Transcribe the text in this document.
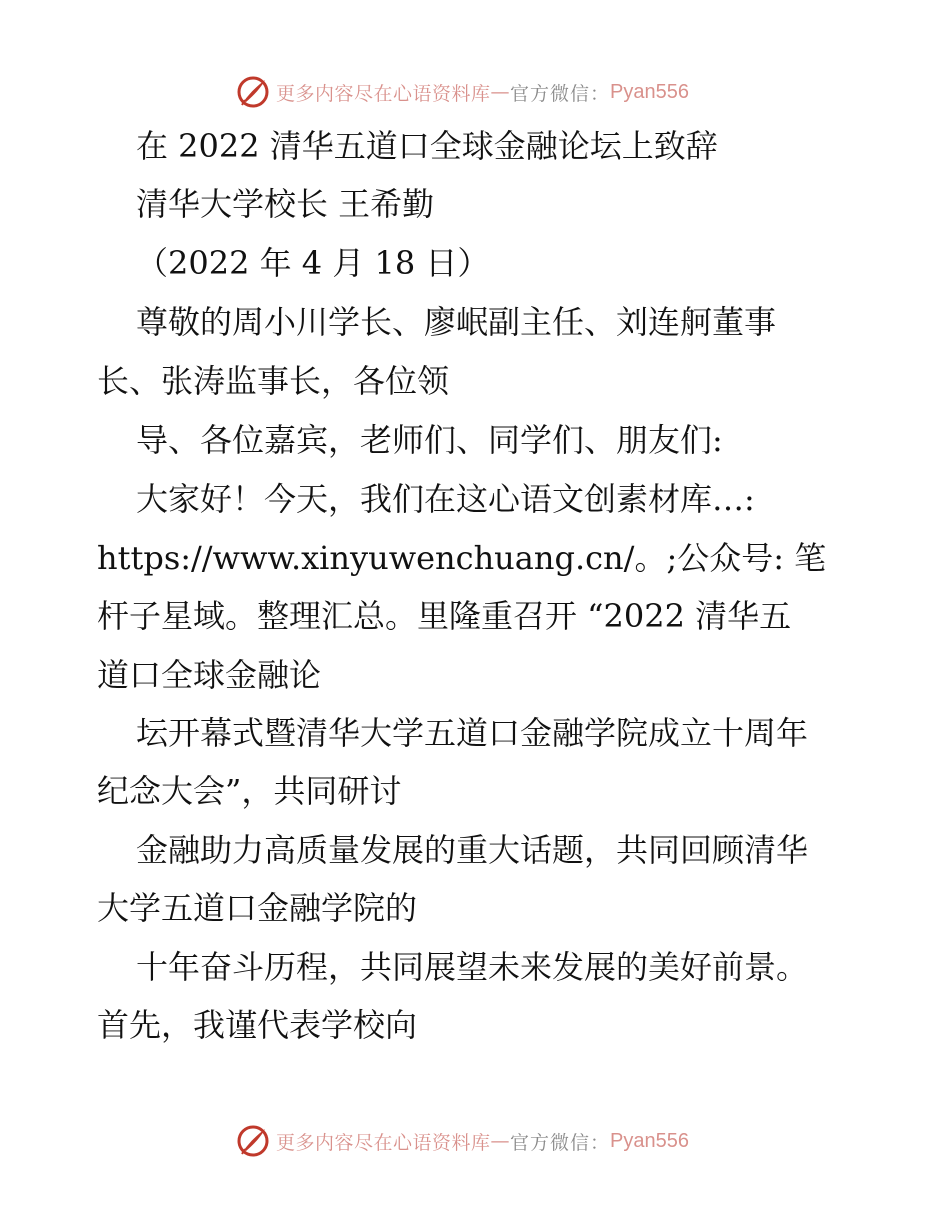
更多内容尽在心语资料库 — 官方微信： Pyan556
在 2022 清华五道口全球金融论坛上致辞
清华大学校长 王希勤
（2022 年 4 月 18 日）
尊敬的周小川学长、廖岷副主任、刘连舸董事
长、张涛监事长，各位领
导、各位嘉宾，老师们、同学们、朋友们:
大家好！今天，我们在这心语文创素材库…:
https://www.xinyuwenchuang.cn/。;公众号: 笔
杆子星域。整理汇总。里隆重召开 “2022 清华五
道口全球金融论
坛开幕式暨清华大学五道口金融学院成立十周年
纪念大会”，共同研讨
金融助力高质量发展的重大话题，共同回顾清华
大学五道口金融学院的
十年奋斗历程，共同展望未来发展的美好前景。
首先，我谨代表学校向
更多内容尽在心语资料库 — 官方微信： Pyan556
